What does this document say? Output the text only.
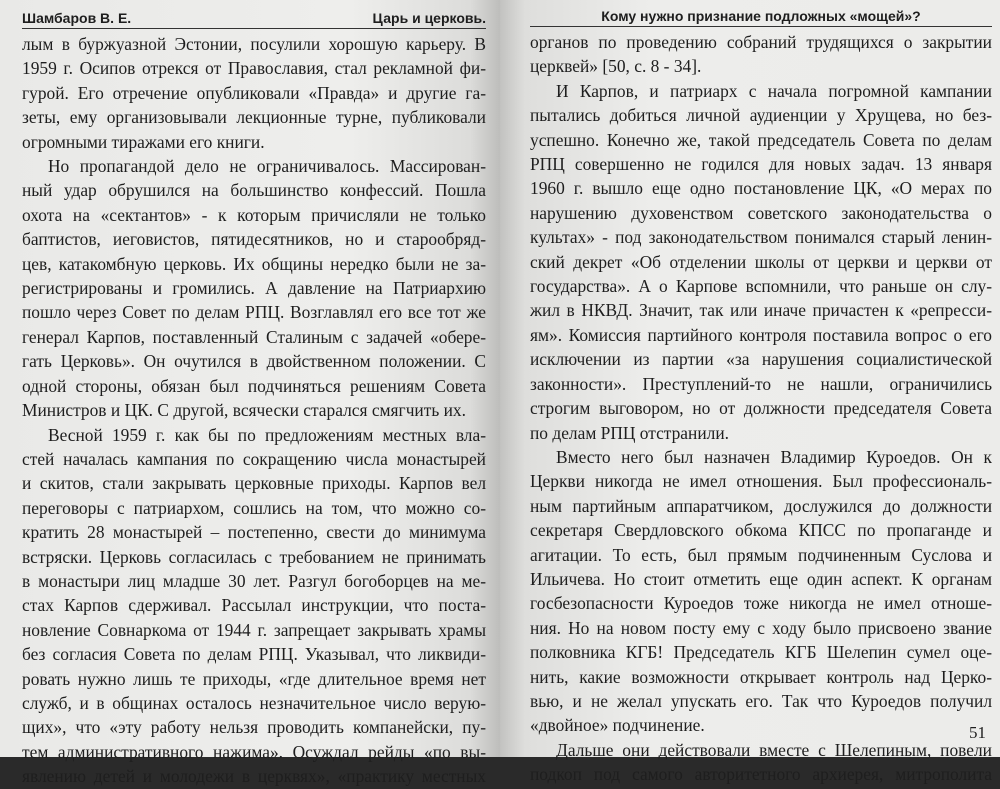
Шамбаров В. Е.	Царь и церковь.
лым в буржуазной Эстонии, посулили хорошую карьеру. В
1959 г. Осипов отрекся от Православия, стал рекламной фи-
гурой. Его отречение опубликовали «Правда» и другие га-
зеты, ему организовывали лекционные турне, публиковали
огромными тиражами его книги.
Но пропагандой дело не ограничивалось. Массирован-
ный удар обрушился на большинство конфессий. Пошла
охота на «сектантов» - к которым причисляли не только
баптистов, иеговистов, пятидесятников, но и старообряд-
цев, катакомбную церковь. Их общины нередко были не за-
регистрированы и громились. А давление на Патриархию
пошло через Совет по делам РПЦ. Возглавлял его все тот же
генерал Карпов, поставленный Сталиным с задачей «оберe-
гать Церковь». Он очутился в двойственном положении. С
одной стороны, обязан был подчиняться решениям Совета
Министров и ЦК. С другой, всячески старался смягчить их.
Весной 1959 г. как бы по предложениям местных вла-
стей началась кампания по сокращению числа монастырей
и скитов, стали закрывать церковные приходы. Карпов вел
переговоры с патриархом, сошлись на том, что можно со-
кратить 28 монастырей – постепенно, свести до минимума
встряски. Церковь согласилась с требованием не принимать
в монастыри лиц младше 30 лет. Разгул богоборцев на ме-
стах Карпов сдерживал. Рассылал инструкции, что поста-
новление Совнаркома от 1944 г. запрещает закрывать храмы
без согласия Совета по делам РПЦ. Указывал, что ликвиди-
ровать нужно лишь те приходы, «где длительное время нет
служб, и в общинах осталось незначительное число верую-
щих», что «эту работу нельзя проводить компанейски, пу-
тем административного нажима». Осуждал рейды «по вы-
явлению детей и молодежи в церквях», «практику местных
Кому нужно признание подложных «мощей»?
органов по проведению собраний трудящихся о закрытии
церквей» [50, с. 8 - 34].
И Карпов, и патриарх с начала погромной кампании
пытались добиться личной аудиенции у Хрущева, но без-
успешно. Конечно же, такой председатель Совета по делам
РПЦ совершенно не годился для новых задач. 13 января
1960 г. вышло еще одно постановление ЦК, «О мерах по
нарушению духовенством советского законодательства о
культах» - под законодательством понимался старый ленин-
ский декрет «Об отделении школы от церкви и церкви от
государства». А о Карпове вспомнили, что раньше он слу-
жил в НКВД. Значит, так или иначе причастен к «репресси-
ям». Комиссия партийного контроля поставила вопрос о его
исключении из партии «за нарушения социалистической
законности». Преступлений-то не нашли, ограничились
строгим выговором, но от должности председателя Совета
по делам РПЦ отстранили.
Вместо него был назначен Владимир Куроедов. Он к
Церкви никогда не имел отношения. Был профессиональ-
ным партийным аппаратчиком, дослужился до должности
секретаря Свердловского обкома КПСС по пропаганде и
агитации. То есть, был прямым подчиненным Суслова и
Ильичева. Но стоит отметить еще один аспект. К органам
госбезопасности Куроедов тоже никогда не имел отноше-
ния. Но на новом посту ему с ходу было присвоено звание
полковника КГБ! Председатель КГБ Шелепин сумел оце-
нить, какие возможности открывает контроль над Церко-
вью, и не желал упускать его. Так что Куроедов получил
«двойное» подчинение.
Дальше они действовали вместе с Шелепиным, повели
подкоп под самого авторитетного архиерея, митрополита
51
